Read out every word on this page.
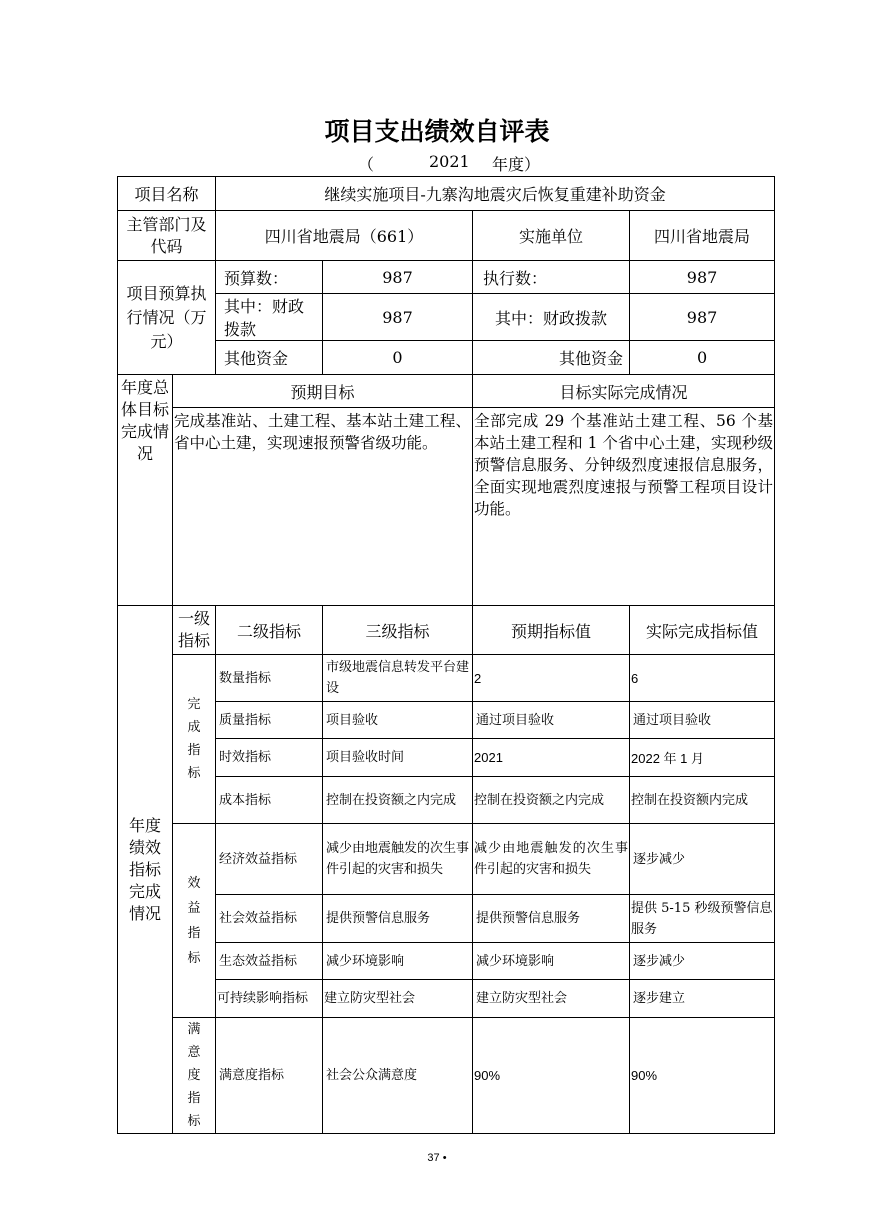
项目支出绩效自评表
（	2021 年度）
项目名称		继续实施项目-九寨沟地震灾后恢复重建补助资金			
主管部门及代码		四川省地震局（661）		实施单位	四川省地震局
项目预算执行情况（万元）		预算数：	987	执行数：	987
		其中：财政拨款	987	其中：财政拨款	987
		其他资金	0	其他资金	0
年度总体目标完成情况	预期目标			目标实际完成情况	
	完成基准站、土建工程、基本站土建工程、 省中心土建，实现速报预警省级功能。			全部完成 29 个基准站土建工程、56 个基本站土建工程和 1 个省中心土建，实现秒级预警信息服务、分钟级烈度速报信息服务，全面实现地震烈度速报与预警工程项目设计功能。	

年度绩效指标完成情况	一级指标	二级指标	三级指标	预期指标值	实际完成指标值

	完成指标	数量指标	市级地震信息转发平台建设	2	6
		质量指标	项目验收	通过项目验收	通过项目验收
		时效指标	项目验收时间	2021	2022 年 1 月
		成本指标	控制在投资额之内完成	控制在投资额之内完成	控制在投资额内完成

	效益指标	经济效益指标	减少由地震触发的次生事件引起的灾害和损失	减少由地震触发的次生事件引起的灾害和损失	逐步减少
		社会效益指标	提供预警信息服务	提供预警信息服务	提供 5-15 秒级预警信息服务
		生态效益指标	减少环境影响	减少环境影响	逐步减少
		可持续影响指标	建立防灾型社会	建立防灾型社会	逐步建立

	满意度指标	满意度指标	社会公众满意度	90%	90%
37 •
